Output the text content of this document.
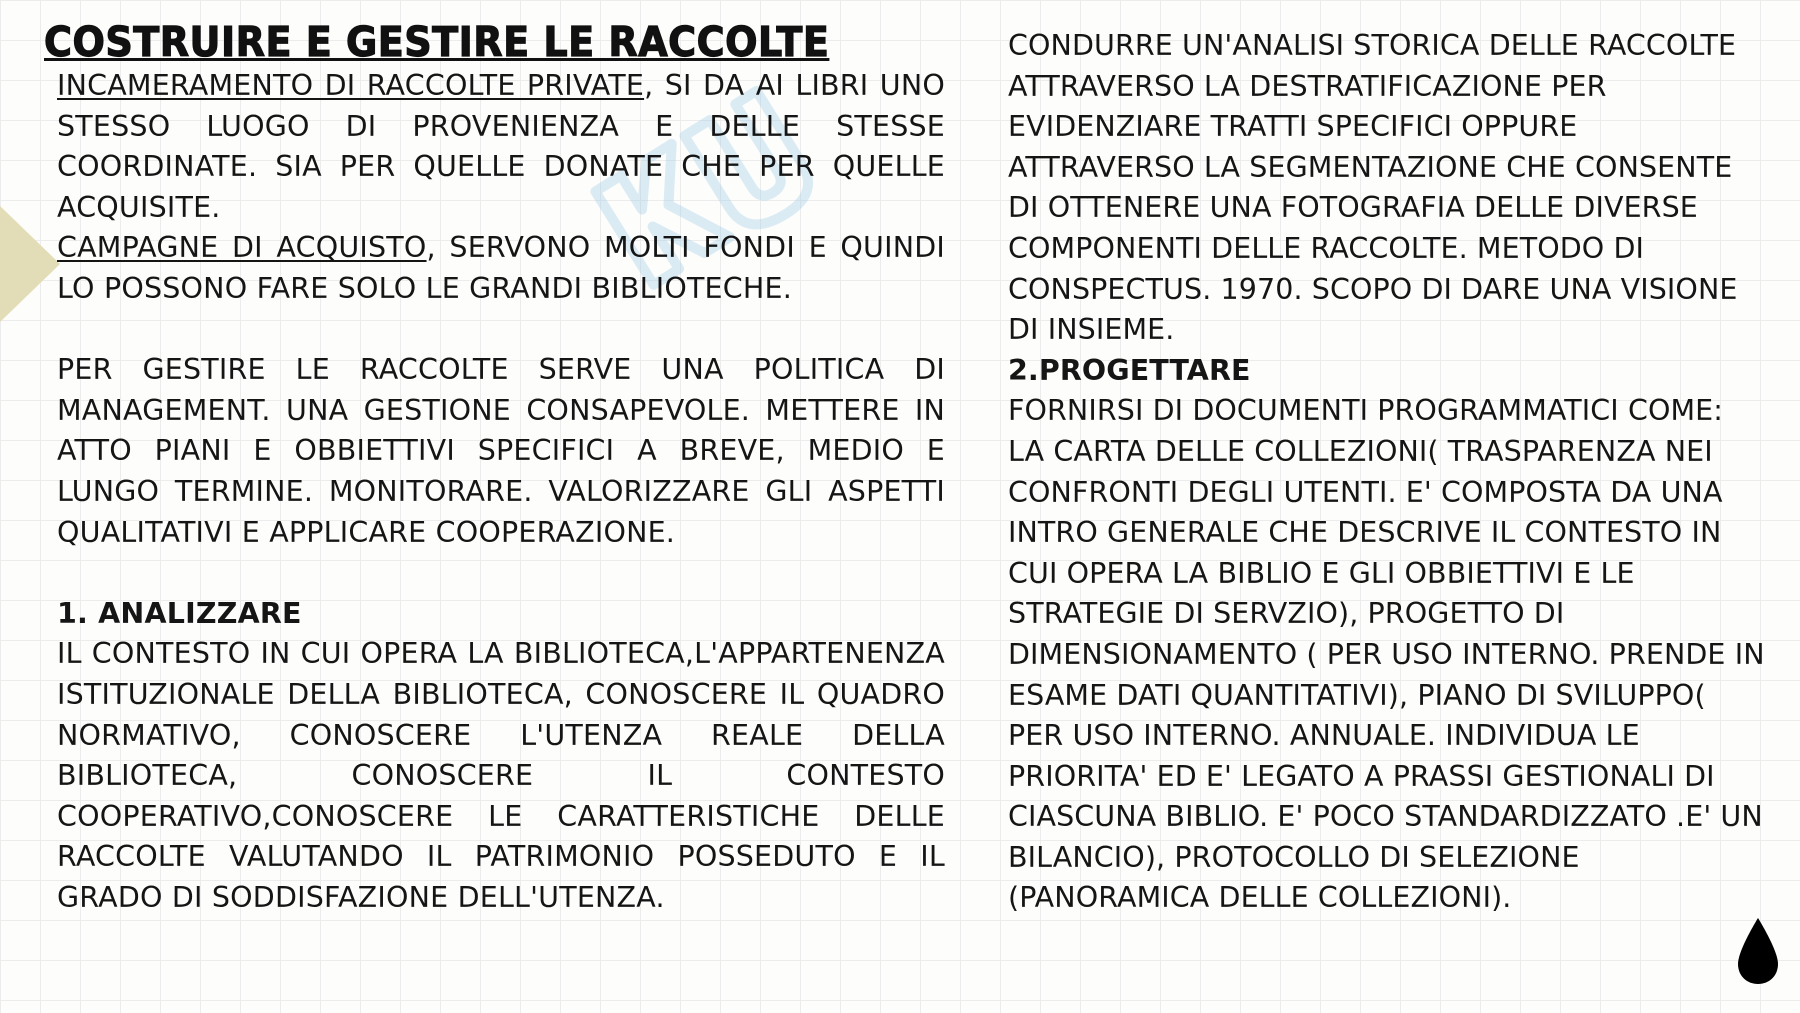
COSTRUIRE E GESTIRE LE RACCOLTE

INCAMERAMENTO DI RACCOLTE PRIVATE, SI DA AI LIBRI UNO STESSO LUOGO DI PROVENIENZA E DELLE STESSE COORDINATE. SIA PER QUELLE DONATE CHE PER QUELLE ACQUISITE.

CAMPAGNE DI ACQUISTO, SERVONO MOLTI FONDI E QUINDI LO POSSONO FARE SOLO LE GRANDI BIBLIOTECHE.

PER GESTIRE LE RACCOLTE SERVE UNA POLITICA DI MANAGEMENT. UNA GESTIONE CONSAPEVOLE. METTERE IN ATTO PIANI E OBBIETTIVI SPECIFICI A BREVE, MEDIO E LUNGO TERMINE. MONITORARE. VALORIZZARE GLI ASPETTI QUALITATIVI E APPLICARE COOPERAZIONE.

1. ANALIZZARE

IL CONTESTO IN CUI OPERA LA BIBLIOTECA,L'APPARTENENZA ISTITUZIONALE DELLA BIBLIOTECA, CONOSCERE IL QUADRO NORMATIVO, CONOSCERE L'UTENZA REALE DELLA BIBLIOTECA, CONOSCERE IL CONTESTO COOPERATIVO,CONOSCERE LE CARATTERISTICHE DELLE RACCOLTE VALUTANDO IL PATRIMONIO POSSEDUTO E IL GRADO DI SODDISFAZIONE DELL'UTENZA.

CONDURRE UN'ANALISI STORICA DELLE RACCOLTE ATTRAVERSO LA DESTRATIFICAZIONE PER EVIDENZIARE TRATTI SPECIFICI OPPURE ATTRAVERSO LA SEGMENTAZIONE CHE CONSENTE DI OTTENERE UNA FOTOGRAFIA DELLE DIVERSE COMPONENTI DELLE RACCOLTE. METODO DI CONSPECTUS. 1970. SCOPO DI DARE UNA VISIONE DI INSIEME.

2.PROGETTARE

FORNIRSI DI DOCUMENTI PROGRAMMATICI COME: LA CARTA DELLE COLLEZIONI( TRASPARENZA NEI CONFRONTI DEGLI UTENTI. E' COMPOSTA DA UNA INTRO GENERALE CHE DESCRIVE IL CONTESTO IN CUI OPERA LA BIBLIO E GLI OBBIETTIVI E LE STRATEGIE DI SERVZIO), PROGETTO DI DIMENSIONAMENTO ( PER USO INTERNO. PRENDE IN ESAME DATI QUANTITATIVI), PIANO DI SVILUPPO( PER USO INTERNO. ANNUALE. INDIVIDUA LE PRIORITA' ED E' LEGATO A PRASSI GESTIONALI DI CIASCUNA BIBLIO. E' POCO STANDARDIZZATO .E' UN BILANCIO), PROTOCOLLO DI SELEZIONE (PANORAMICA DELLE COLLEZIONI).
